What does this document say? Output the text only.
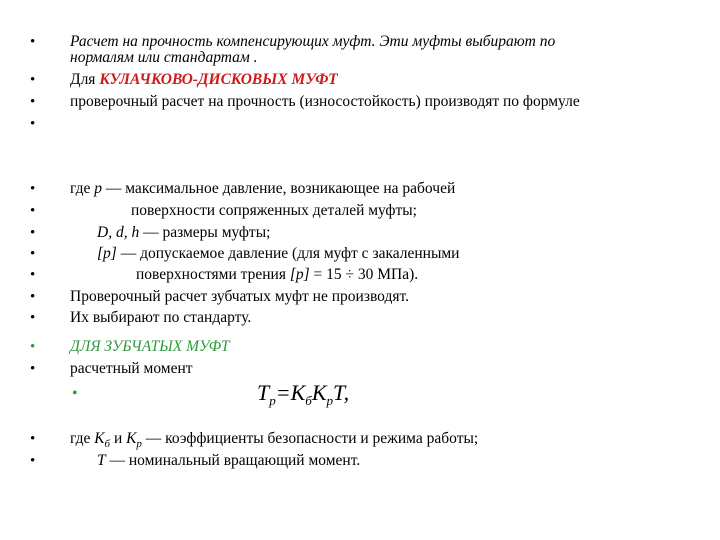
• Расчет на прочность компенсирующих муфт. Эти муфты выбирают по
нормалям или стандартам .
• Для КУЛАЧКОВО-ДИСКОВЫХ МУФТ
• проверочный расчет на прочность (износостойкость) производят по формуле
•
• где р — максимальное давление, возникающее на рабочей
•	поверхности сопряженных деталей муфты;
•	D, d, h — размеры муфты;
•	[р] — допускаемое давление (для муфт с закаленными
•	поверхностями трения [р] = 15 ÷ 30 МПа).
• Проверочный расчет зубчатых муфт не производят.
• Их выбирают по стандарту.
• ДЛЯ ЗУБЧАТЫХ МУФТ
• расчетный момент
•	$T_р=K_бK_рT$,
• где $К_б$ и $К_р$ — коэффициенты безопасности и режима работы;
•	Т — номинальный вращающий момент.
